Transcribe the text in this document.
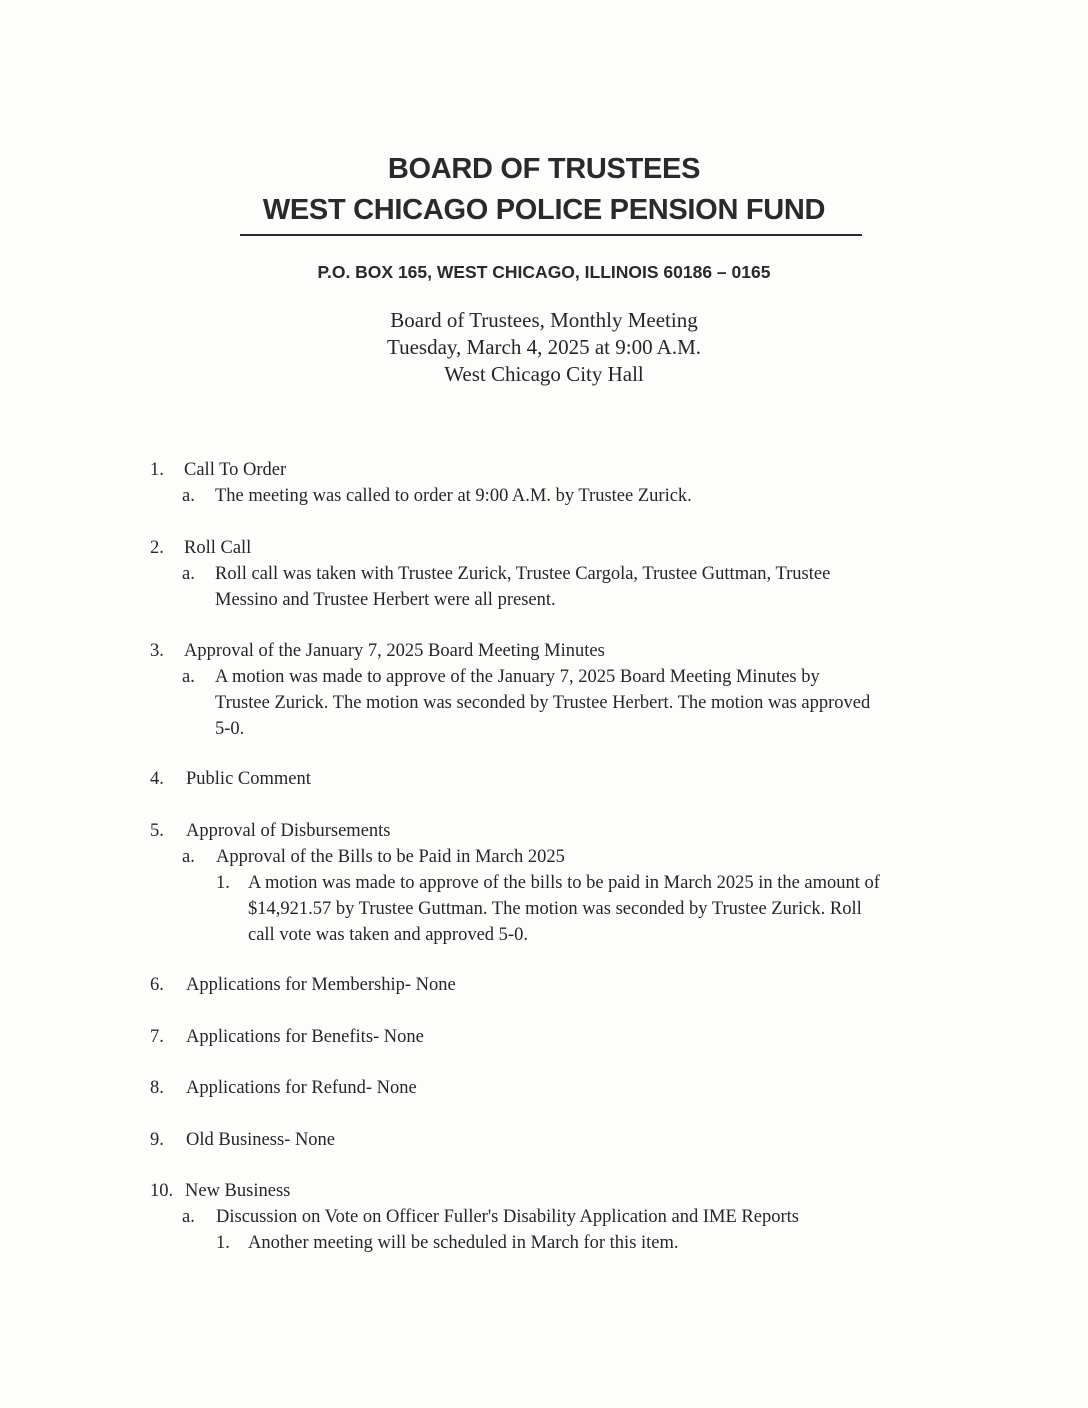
BOARD OF TRUSTEES
WEST CHICAGO POLICE PENSION FUND
P.O. BOX 165, WEST CHICAGO, ILLINOIS 60186 – 0165
Board of Trustees, Monthly Meeting
Tuesday, March 4, 2025 at 9:00 A.M.
West Chicago City Hall
1. Call To Order
a. The meeting was called to order at 9:00 A.M. by Trustee Zurick.
2. Roll Call
a. Roll call was taken with Trustee Zurick, Trustee Cargola, Trustee Guttman, Trustee
Messino and Trustee Herbert were all present.
3. Approval of the January 7, 2025 Board Meeting Minutes
a. A motion was made to approve of the January 7, 2025 Board Meeting Minutes by
Trustee Zurick. The motion was seconded by Trustee Herbert. The motion was approved
5-0.
4. Public Comment
5. Approval of Disbursements
a. Approval of the Bills to be Paid in March 2025
1. A motion was made to approve of the bills to be paid in March 2025 in the amount of
$14,921.57 by Trustee Guttman. The motion was seconded by Trustee Zurick. Roll
call vote was taken and approved 5-0.
6. Applications for Membership- None
7. Applications for Benefits- None
8. Applications for Refund- None
9. Old Business- None
10. New Business
a. Discussion on Vote on Officer Fuller's Disability Application and IME Reports
1. Another meeting will be scheduled in March for this item.
